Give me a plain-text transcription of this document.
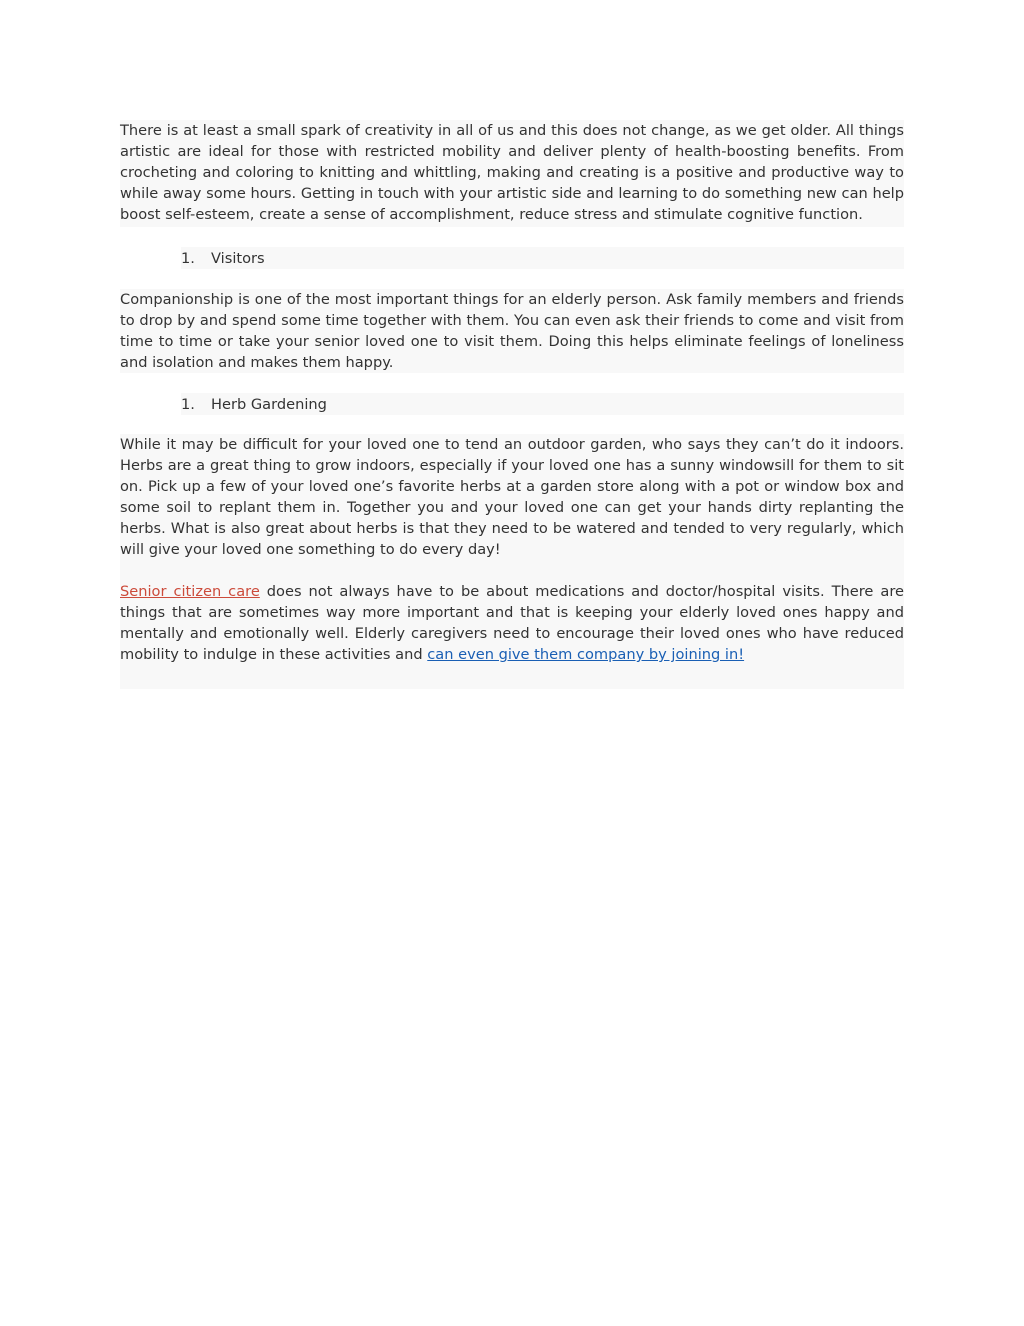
There is at least a small spark of creativity in all of us and this does not change, as we get older. All things artistic are ideal for those with restricted mobility and deliver plenty of health-boosting benefits. From crocheting and coloring to knitting and whittling, making and creating is a positive and productive way to while away some hours. Getting in touch with your artistic side and learning to do something new can help boost self-esteem, create a sense of accomplishment, reduce stress and stimulate cognitive function.

1.	Visitors

Companionship is one of the most important things for an elderly person. Ask family members and friends to drop by and spend some time together with them. You can even ask their friends to come and visit from time to time or take your senior loved one to visit them. Doing this helps eliminate feelings of loneliness and isolation and makes them happy.

1.	Herb Gardening

While it may be difficult for your loved one to tend an outdoor garden, who says they can’t do it indoors. Herbs are a great thing to grow indoors, especially if your loved one has a sunny windowsill for them to sit on. Pick up a few of your loved one’s favorite herbs at a garden store along with a pot or window box and some soil to replant them in. Together you and your loved one can get your hands dirty replanting the herbs. What is also great about herbs is that they need to be watered and tended to very regularly, which will give your loved one something to do every day!

Senior citizen care does not always have to be about medications and doctor/hospital visits. There are things that are sometimes way more important and that is keeping your elderly loved ones happy and mentally and emotionally well. Elderly caregivers need to encourage their loved ones who have reduced mobility to indulge in these activities and can even give them company by joining in!
